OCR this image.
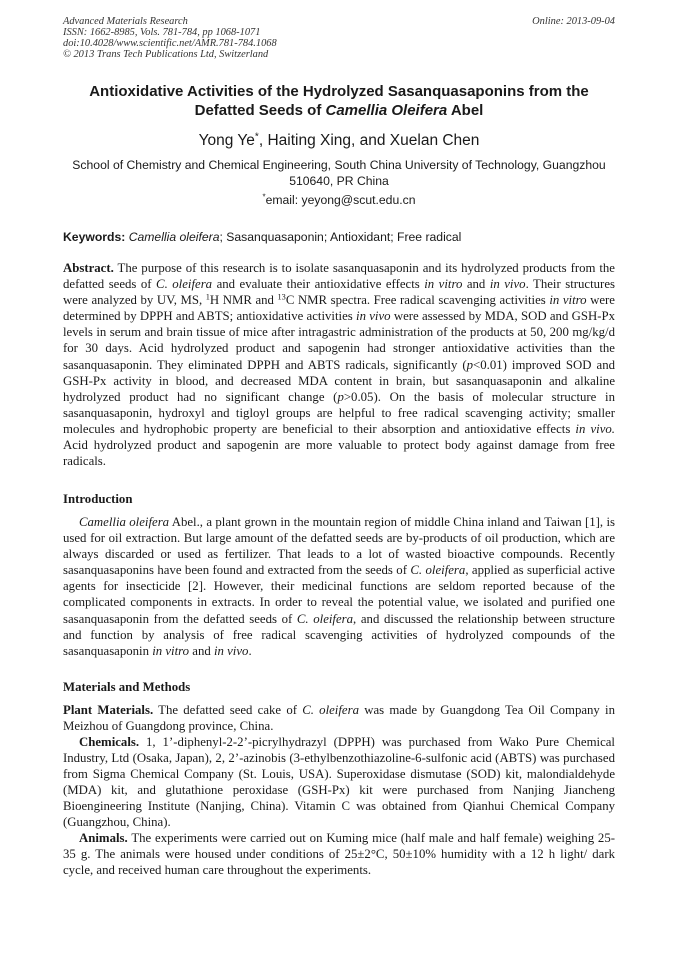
Advanced Materials Research
ISSN: 1662-8985, Vols. 781-784, pp 1068-1071
doi:10.4028/www.scientific.net/AMR.781-784.1068
© 2013 Trans Tech Publications Ltd, Switzerland
Online: 2013-09-04
Antioxidative Activities of the Hydrolyzed Sasanquasaponins from the
Defatted Seeds of Camellia Oleifera Abel
Yong Ye*, Haiting Xing, and Xuelan Chen
School of Chemistry and Chemical Engineering, South China University of Technology, Guangzhou
510640, PR China
*email: yeyong@scut.edu.cn
Keywords: Camellia oleifera; Sasanquasaponin; Antioxidant; Free radical

Abstract. The purpose of this research is to isolate sasanquasaponin and its hydrolyzed products from the defatted seeds of C. oleifera and evaluate their antioxidative effects in vitro and in vivo. Their structures were analyzed by UV, MS, $^1$H NMR and $^{13}$C NMR spectra. Free radical scavenging activities in vitro were determined by DPPH and ABTS; antioxidative activities in vivo were assessed by MDA, SOD and GSH-Px levels in serum and brain tissue of mice after intragastric administration of the products at 50, 200 mg/kg/d for 30 days. Acid hydrolyzed product and sapogenin had stronger antioxidative activities than the sasanquasaponin. They eliminated DPPH and ABTS radicals, significantly (p<0.01) improved SOD and GSH-Px activity in blood, and decreased MDA content in brain, but sasanquasaponin and alkaline hydrolyzed product had no significant change (p>0.05). On the basis of molecular structure in sasanquasaponin, hydroxyl and tigloyl groups are helpful to free radical scavenging activity; smaller molecules and hydrophobic property are beneficial to their absorption and antioxidative effects in vivo. Acid hydrolyzed product and sapogenin are more valuable to protect body against damage from free radicals.

Introduction

Camellia oleifera Abel., a plant grown in the mountain region of middle China inland and Taiwan [1], is used for oil extraction. But large amount of the defatted seeds are by-products of oil production, which are always discarded or used as fertilizer. That leads to a lot of wasted bioactive compounds. Recently sasanquasaponins have been found and extracted from the seeds of C. oleifera, applied as superficial active agents for insecticide [2]. However, their medicinal functions are seldom reported because of the complicated components in extracts. In order to reveal the potential value, we isolated and purified one sasanquasaponin from the defatted seeds of C. oleifera, and discussed the relationship between structure and function by analysis of free radical scavenging activities of hydrolyzed compounds of the sasanquasaponin in vitro and in vivo.

Materials and Methods

Plant Materials. The defatted seed cake of C. oleifera was made by Guangdong Tea Oil Company in Meizhou of Guangdong province, China.

Chemicals. 1, 1’-diphenyl-2-2’-picrylhydrazyl (DPPH) was purchased from Wako Pure Chemical Industry, Ltd (Osaka, Japan), 2, 2’-azinobis (3-ethylbenzothiazoline-6-sulfonic acid (ABTS) was purchased from Sigma Chemical Company (St. Louis, USA). Superoxidase dismutase (SOD) kit, malondialdehyde (MDA) kit, and glutathione peroxidase (GSH-Px) kit were purchased from Nanjing Jiancheng Bioengineering Institute (Nanjing, China). Vitamin C was obtained from Qianhui Chemical Company (Guangzhou, China).

Animals. The experiments were carried out on Kuming mice (half male and half female) weighing 25-35 g. The animals were housed under conditions of 25±2°C, 50±10% humidity with a 12 h light/ dark cycle, and received human care throughout the experiments.
